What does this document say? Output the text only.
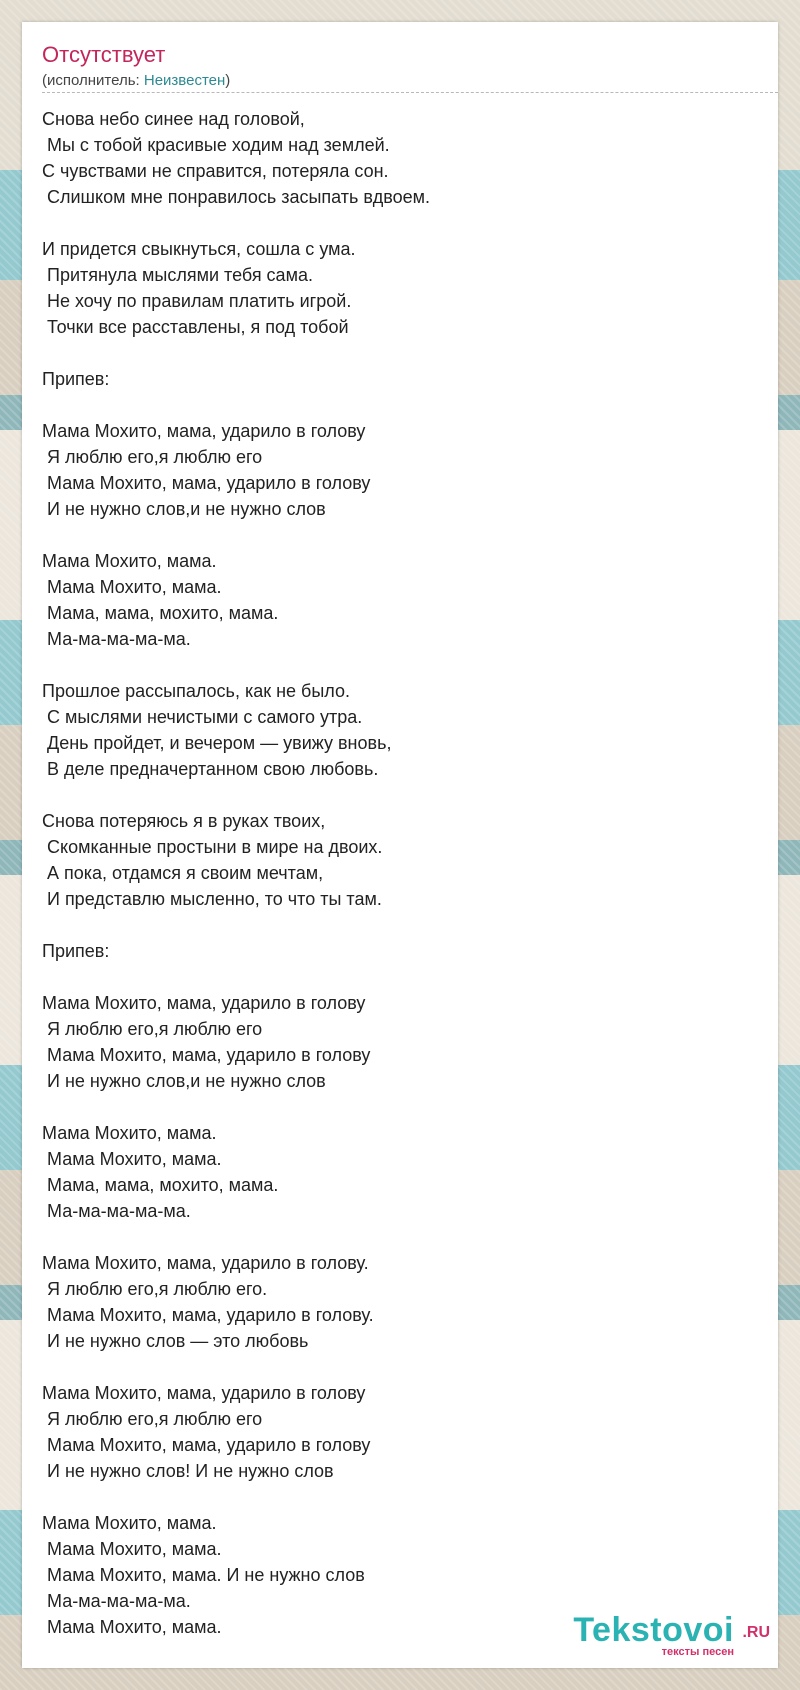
Отсутствует
(исполнитель: Неизвестен)
Снова небо синее над головой,
Мы с тобой красивые ходим над землей.
С чувствами не справится, потеряла сон.
Слишком мне понравилось засыпать вдвоем.

И придется свыкнуться, сошла с ума.
Притянула мыслями тебя сама.
Не хочу по правилам платить игрой.
Точки все расставлены, я под тобой

Припев:

Мама Мохито, мама, ударило в голову
Я люблю его,я люблю его
Мама Мохито, мама, ударило в голову
И не нужно слов,и не нужно слов

Мама Мохито, мама.
Мама Мохито, мама.
Мама, мама, мохито, мама.
Ма-ма-ма-ма-ма.

Прошлое рассыпалось, как не было.
С мыслями нечистыми с самого утра.
День пройдет, и вечером — увижу вновь,
В деле предначертанном свою любовь.

Снова потеряюсь я в руках твоих,
Скомканные простыни в мире на двоих.
А пока, отдамся я своим мечтам,
И представлю мысленно, то что ты там.

Припев:

Мама Мохито, мама, ударило в голову
Я люблю его,я люблю его
Мама Мохито, мама, ударило в голову
И не нужно слов,и не нужно слов

Мама Мохито, мама.
Мама Мохито, мама.
Мама, мама, мохито, мама.
Ма-ма-ма-ма-ма.

Мама Мохито, мама, ударило в голову.
Я люблю его,я люблю его.
Мама Мохито, мама, ударило в голову.
И не нужно слов — это любовь

Мама Мохито, мама, ударило в голову
Я люблю его,я люблю его
Мама Мохито, мама, ударило в голову
И не нужно слов! И не нужно слов

Мама Мохито, мама.
Мама Мохито, мама.
Мама Мохито, мама. И не нужно слов
Ма-ма-ма-ма-ма.
Мама Мохито, мама.	Tekstovoi .RU
тексты песен
